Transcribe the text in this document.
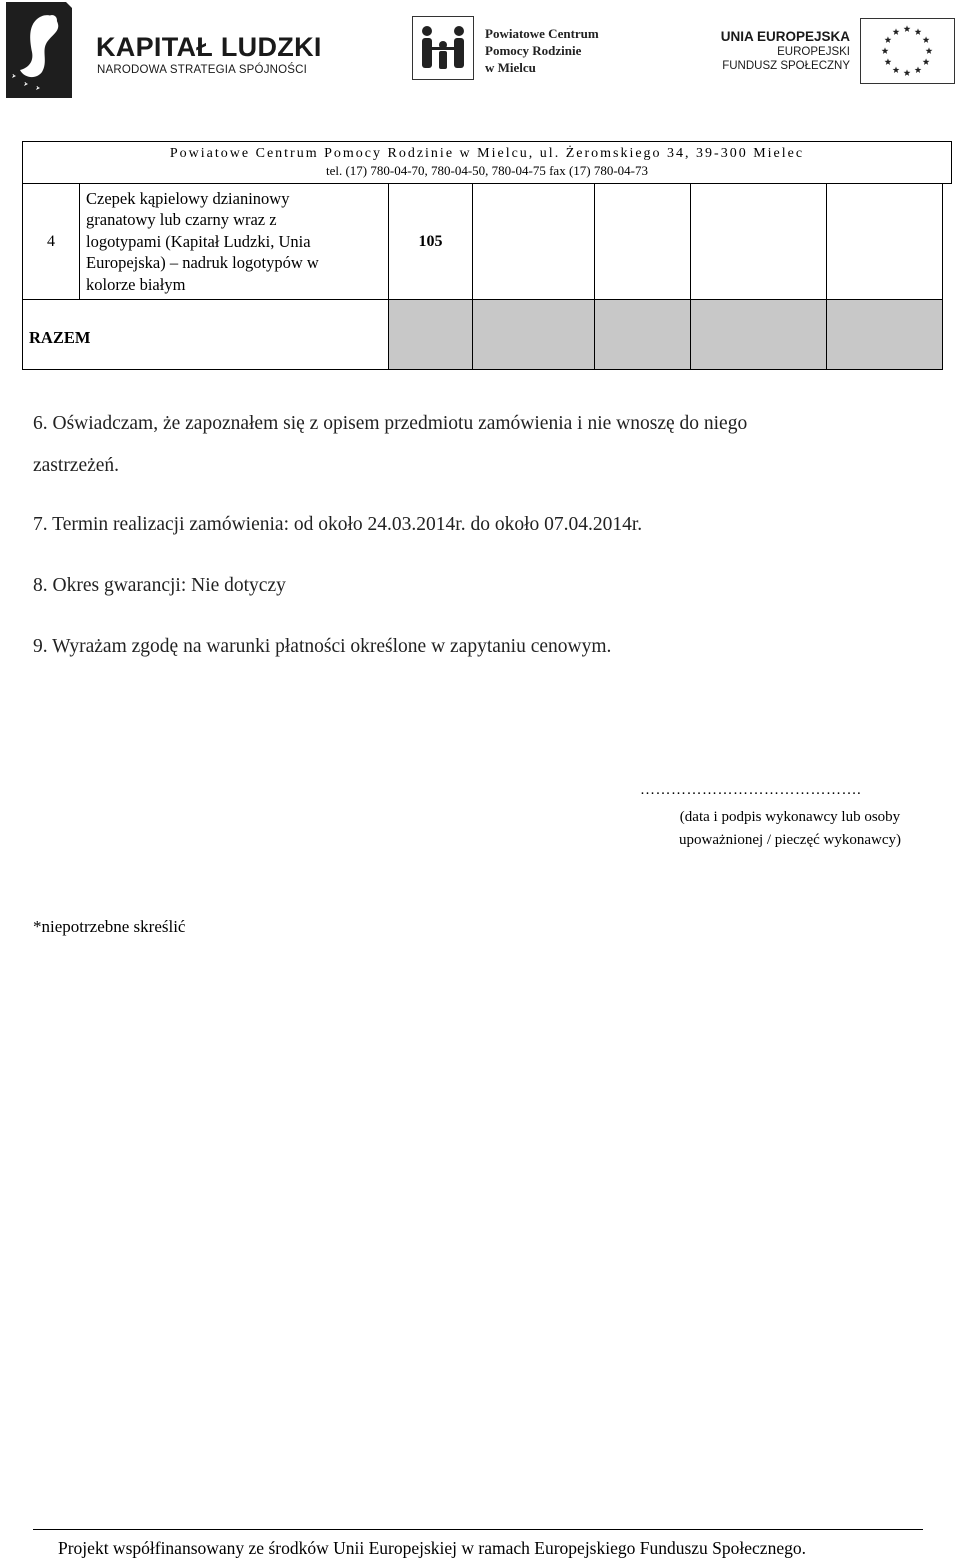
KAPITAŁ LUDZKI
NARODOWA STRATEGIA SPÓJNOŚCI
Powiatowe Centrum
Pomocy Rodzinie
w Mielcu
UNIA EUROPEJSKA
EUROPEJSKI
FUNDUSZ SPOŁECZNY
Powiatowe Centrum Pomocy Rodzinie w Mielcu, ul. Żeromskiego 34, 39-300 Mielec
tel. (17) 780-04-70, 780-04-50, 780-04-75 fax (17) 780-04-73
4	Czepek kąpielowy dzianinowy
granatowy lub czarny wraz z
logotypami (Kapitał Ludzki, Unia
Europejska) – nadruk logotypów w
kolorze białym	105				
RAZEM						
6. Oświadczam, że zapoznałem się z opisem przedmiotu zamówienia i nie wnoszę do niego
zastrzeżeń.
7. Termin realizacji zamówienia: od około 24.03.2014r. do około 07.04.2014r.
8. Okres gwarancji: Nie dotyczy
9. Wyrażam zgodę na warunki płatności określone w zapytaniu cenowym.
…………………………………….
(data i podpis wykonawcy lub osoby
upoważnionej / pieczęć wykonawcy)
*niepotrzebne skreślić
Projekt współfinansowany ze środków Unii Europejskiej w ramach Europejskiego Funduszu Społecznego.
